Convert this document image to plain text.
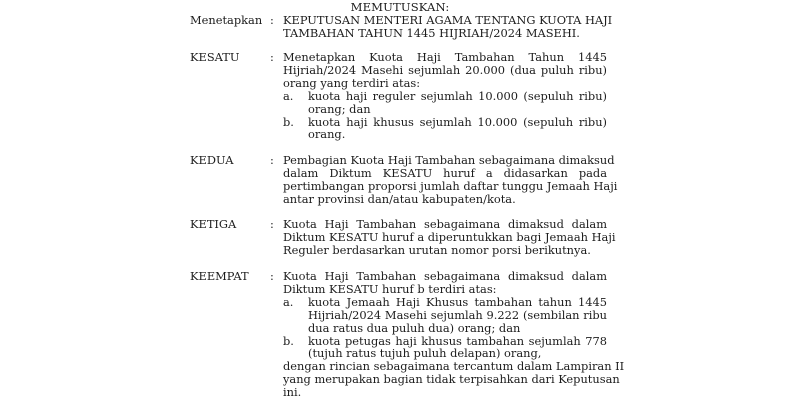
MEMUTUSKAN:
Menetapkan : KEPUTUSAN MENTERI AGAMA TENTANG KUOTA HAJI
TAMBAHAN TAHUN 1445 HIJRIAH/2024 MASEHI.
KESATU	: Menetapkan Kuota Haji Tambahan Tahun 1445
Hijriah/2024 Masehi sejumlah 20.000 (dua puluh ribu)
orang yang terdiri atas:
a. kuota haji reguler sejumlah 10.000 (sepuluh ribu)
orang; dan
b. kuota haji khusus sejumlah 10.000 (sepuluh ribu)
orang.
KEDUA	: Pembagian Kuota Haji Tambahan sebagaimana dimaksud
dalam Diktum KESATU huruf a didasarkan pada
pertimbangan proporsi jumlah daftar tunggu Jemaah Haji
antar provinsi dan/atau kabupaten/kota.
KETIGA	: Kuota Haji Tambahan sebagaimana dimaksud dalam
Diktum KESATU huruf a diperuntukkan bagi Jemaah Haji
Reguler berdasarkan urutan nomor porsi berikutnya.
KEEMPAT	: Kuota Haji Tambahan sebagaimana dimaksud dalam
Diktum KESATU huruf b terdiri atas:
a. kuota Jemaah Haji Khusus tambahan tahun 1445
Hijriah/2024 Masehi sejumlah 9.222 (sembilan ribu
dua ratus dua puluh dua) orang; dan
b. kuota petugas haji khusus tambahan sejumlah 778
(tujuh ratus tujuh puluh delapan) orang,
dengan rincian sebagaimana tercantum dalam Lampiran II
yang merupakan bagian tidak terpisahkan dari Keputusan
ini.
